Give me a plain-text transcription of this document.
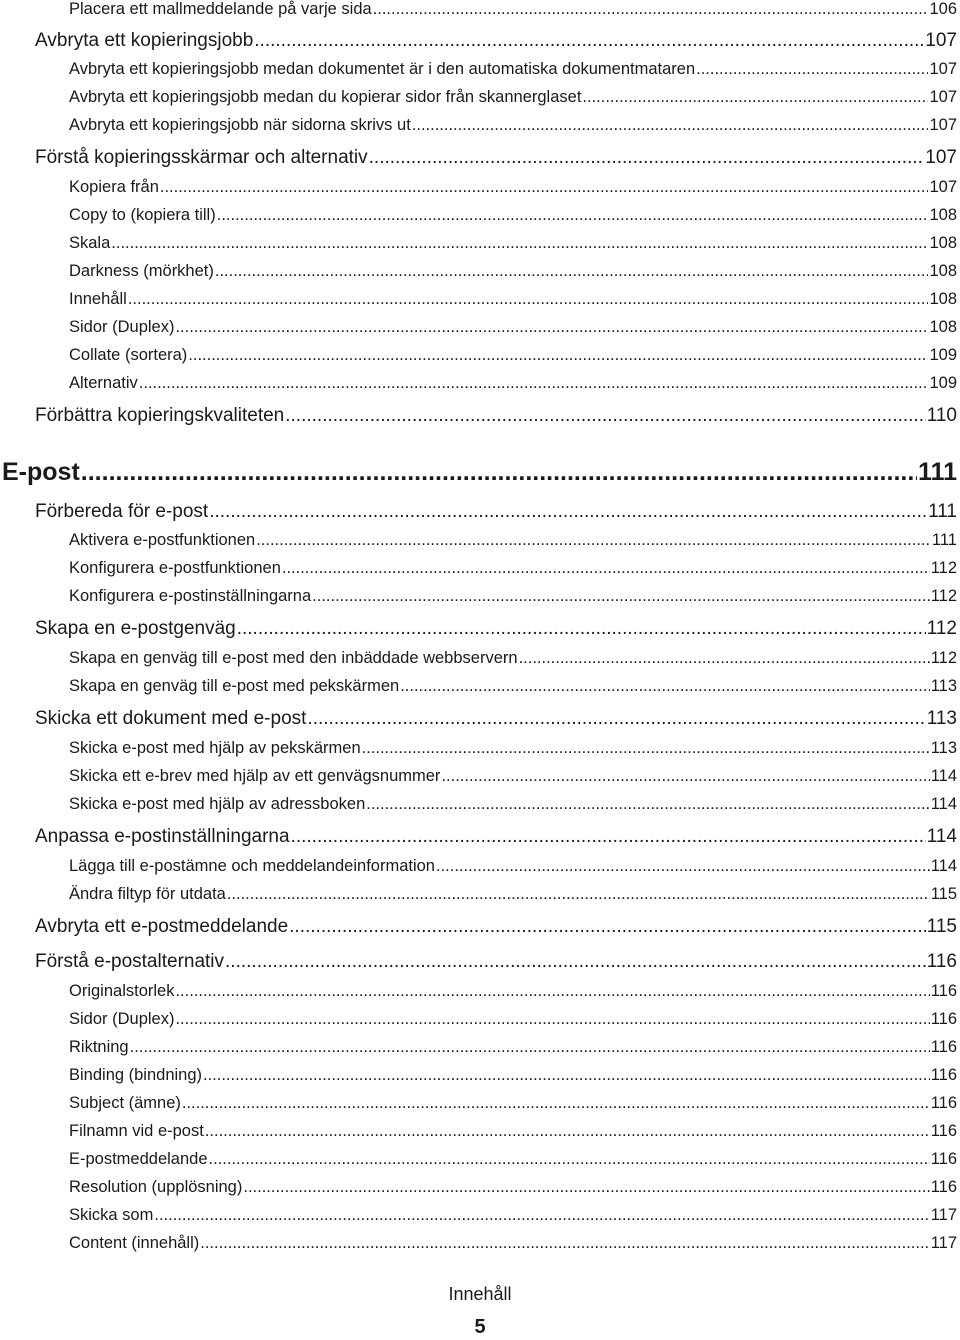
Placera ett mallmeddelande på varje sida .....	106
Avbryta ett kopieringsjobb .....	107
Avbryta ett kopieringsjobb medan dokumentet är i den automatiska dokumentmataren .....	107
Avbryta ett kopieringsjobb medan du kopierar sidor från skannerglaset .....	107
Avbryta ett kopieringsjobb när sidorna skrivs ut .....	107
Förstå kopieringsskärmar och alternativ .....	107
Kopiera från .....	107
Copy to (kopiera till) .....	108
Skala .....	108
Darkness (mörkhet) .....	108
Innehåll .....	108
Sidor (Duplex) .....	108
Collate (sortera) .....	109
Alternativ .....	109
Förbättra kopieringskvaliteten .....	110
E-post .....	111
Förbereda för e-post .....	111
Aktivera e-postfunktionen .....	111
Konfigurera e-postfunktionen .....	112
Konfigurera e-postinställningarna .....	112
Skapa en e-postgenväg .....	112
Skapa en genväg till e-post med den inbäddade webbservern .....	112
Skapa en genväg till e-post med pekskärmen .....	113
Skicka ett dokument med e-post .....	113
Skicka e-post med hjälp av pekskärmen .....	113
Skicka ett e-brev med hjälp av ett genvägsnummer .....	114
Skicka e-post med hjälp av adressboken .....	114
Anpassa e-postinställningarna .....	114
Lägga till e-postämne och meddelandeinformation .....	114
Ändra filtyp för utdata .....	115
Avbryta ett e-postmeddelande .....	115
Förstå e-postalternativ .....	116
Originalstorlek .....	116
Sidor (Duplex) .....	116
Riktning .....	116
Binding (bindning) .....	116
Subject (ämne) .....	116
Filnamn vid e-post .....	116
E-postmeddelande .....	116
Resolution (upplösning) .....	116
Skicka som .....	117
Content (innehåll) .....	117
Innehåll
5
